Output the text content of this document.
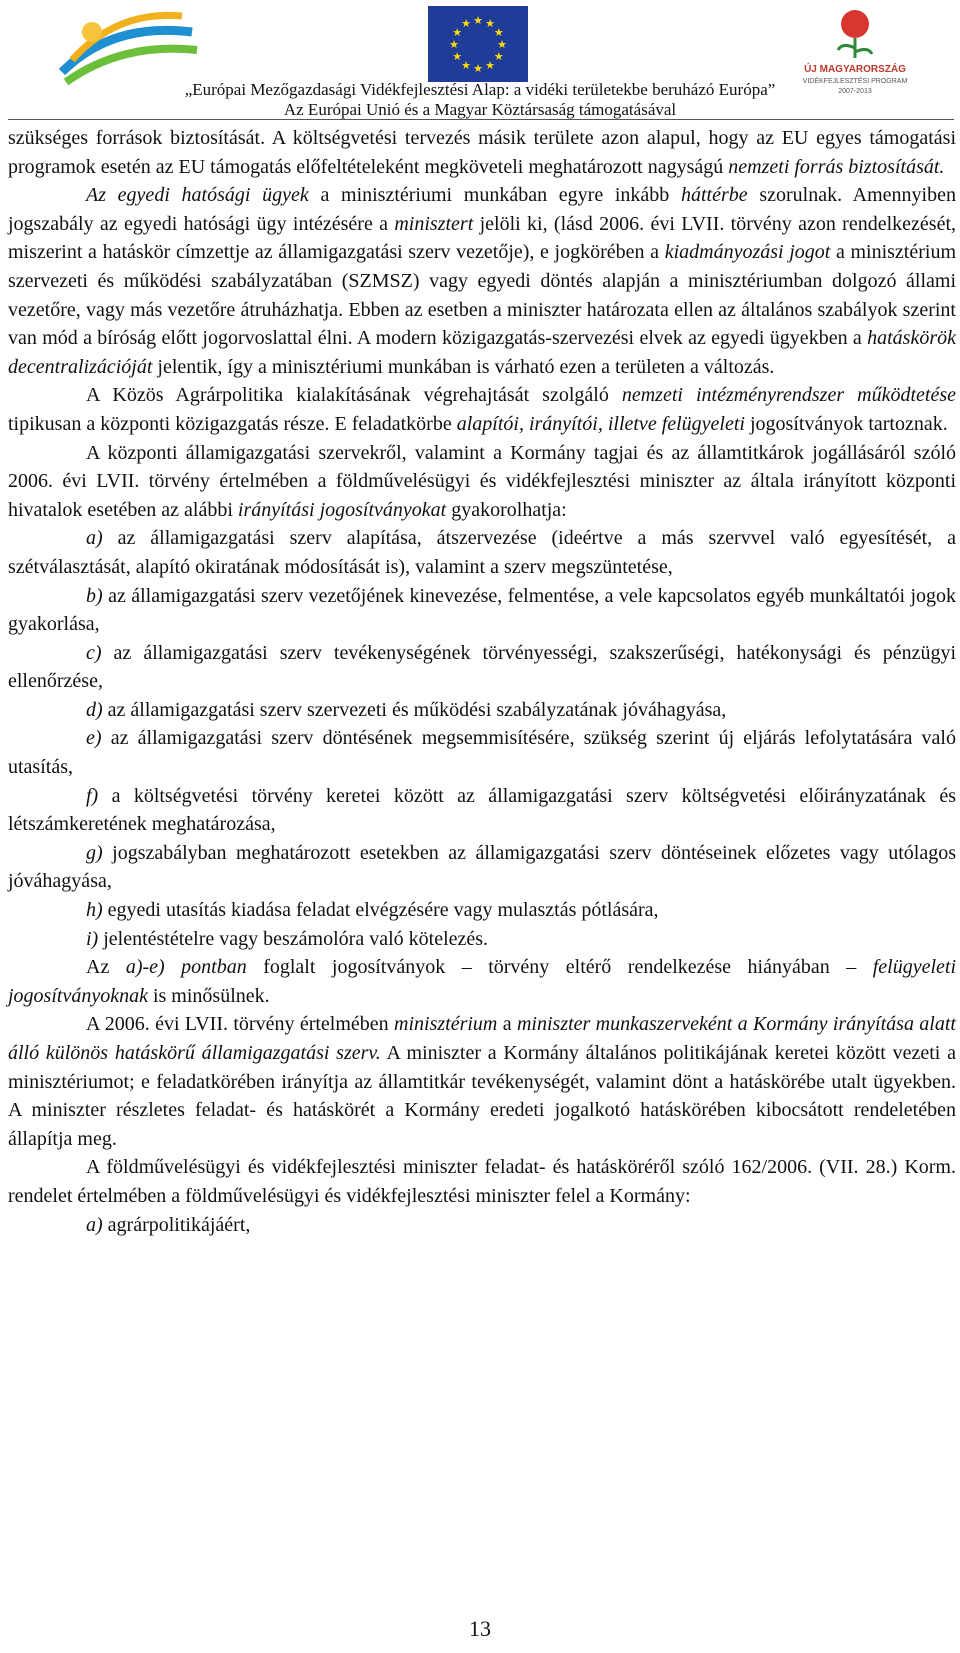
★ ★
★
★
★
★
★
★
★
★
★
★
ÚJ MAGYARORSZÁG
VIDÉKFEJLESZTÉSI PROGRAM
2007-2013
„Európai Mezőgazdasági Vidékfejlesztési Alap: a vidéki területekbe beruházó Európa”
Az Európai Unió és a Magyar Köztársaság támogatásával

szükséges források biztosítását. A költségvetési tervezés másik területe azon alapul, hogy az EU egyes támogatási programok esetén az EU támogatás előfeltételeként megköveteli meghatározott nagyságú nemzeti forrás biztosítását.

Az egyedi hatósági ügyek a minisztériumi munkában egyre inkább háttérbe szorulnak. Amennyiben jogszabály az egyedi hatósági ügy intézésére a minisztert jelöli ki, (lásd 2006. évi LVII. törvény azon rendelkezését, miszerint a hatáskör címzettje az államigazgatási szerv vezetője), e jogkörében a kiadmányozási jogot a minisztérium szervezeti és működési szabályzatában (SZMSZ) vagy egyedi döntés alapján a minisztériumban dolgozó állami vezetőre, vagy más vezetőre átruházhatja. Ebben az esetben a miniszter határozata ellen az általános szabályok szerint van mód a bíróság előtt jogorvoslattal élni. A modern közigazgatás-szervezési elvek az egyedi ügyekben a hatáskörök decentralizációját jelentik, így a minisztériumi munkában is várható ezen a területen a változás.

A Közös Agrárpolitika kialakításának végrehajtását szolgáló nemzeti intézményrendszer működtetése tipikusan a központi közigazgatás része. E feladatkörbe alapítói, irányítói, illetve felügyeleti jogosítványok tartoznak.

A központi államigazgatási szervekről, valamint a Kormány tagjai és az államtitkárok jogállásáról szóló 2006. évi LVII. törvény értelmében a földművelésügyi és vidékfejlesztési miniszter az általa irányított központi hivatalok esetében az alábbi irányítási jogosítványokat gyakorolhatja:

a) az államigazgatási szerv alapítása, átszervezése (ideértve a más szervvel való egyesítését, a szétválasztását, alapító okiratának módosítását is), valamint a szerv megszüntetése,

b) az államigazgatási szerv vezetőjének kinevezése, felmentése, a vele kapcsolatos egyéb munkáltatói jogok gyakorlása,

c) az államigazgatási szerv tevékenységének törvényességi, szakszerűségi, hatékonysági és pénzügyi ellenőrzése,

d) az államigazgatási szerv szervezeti és működési szabályzatának jóváhagyása,

e) az államigazgatási szerv döntésének megsemmisítésére, szükség szerint új eljárás lefolytatására való utasítás,

f) a költségvetési törvény keretei között az államigazgatási szerv költségvetési előirányzatának és létszámkeretének meghatározása,

g) jogszabályban meghatározott esetekben az államigazgatási szerv döntéseinek előzetes vagy utólagos jóváhagyása,

h) egyedi utasítás kiadása feladat elvégzésére vagy mulasztás pótlására,

i) jelentéstételre vagy beszámolóra való kötelezés.

Az a)-e) pontban foglalt jogosítványok – törvény eltérő rendelkezése hiányában – felügyeleti jogosítványoknak is minősülnek.

A 2006. évi LVII. törvény értelmében minisztérium a miniszter munkaszerveként a Kormány irányítása alatt álló különös hatáskörű államigazgatási szerv. A miniszter a Kormány általános politikájának keretei között vezeti a minisztériumot; e feladatkörében irányítja az államtitkár tevékenységét, valamint dönt a hatáskörébe utalt ügyekben. A miniszter részletes feladat- és hatáskörét a Kormány eredeti jogalkotó hatáskörében kibocsátott rendeletében állapítja meg.

A földművelésügyi és vidékfejlesztési miniszter feladat- és hatásköréről szóló 162/2006. (VII. 28.) Korm. rendelet értelmében a földművelésügyi és vidékfejlesztési miniszter felel a Kormány:

a) agrárpolitikájáért,

13
